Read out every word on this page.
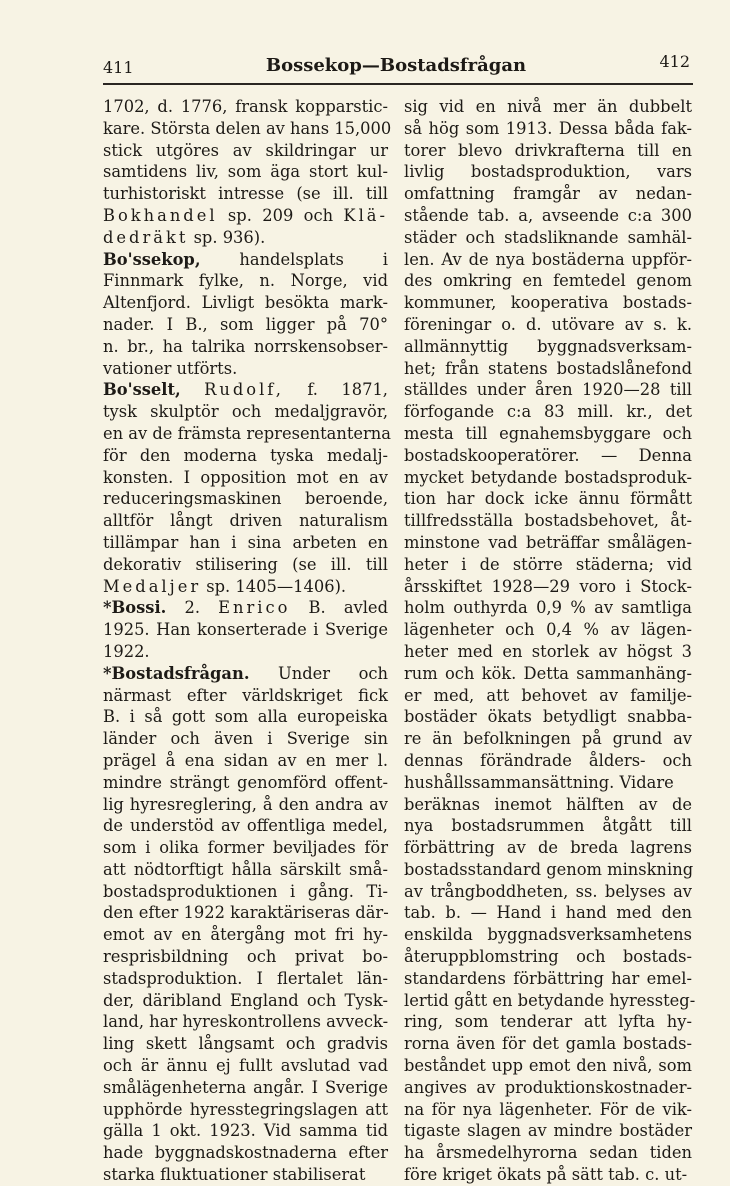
411	Bossekop—Bostadsfrågan	412
1702, d. 1776, fransk kopparstic-
kare. Största delen av hans 15,000
stick utgöres av skildringar ur
samtidens liv, som äga stort kul-
turhistoriskt intresse (se ill. till
Bokhandel sp. 209 och Klä-
dedräkt sp. 936).
Bo'ssekop, handelsplats i
Finnmark fylke, n. Norge, vid
Altenfjord. Livligt besökta mark-
nader. I B., som ligger på 70°
n. br., ha talrika norrskensobser-
vationer utförts.
Bo'sselt, Rudolf, f. 1871,
tysk skulptör och medaljgravör,
en av de främsta representanterna
för den moderna tyska medalj-
konsten. I opposition mot en av
reduceringsmaskinen beroende,
alltför långt driven naturalism
tillämpar han i sina arbeten en
dekorativ stilisering (se ill. till
Medaljer sp. 1405—1406).
*Bossi. 2. Enrico B. avled
1925. Han konserterade i Sverige
1922.
*Bostadsfrågan. Under och
närmast efter världskriget fick
B. i så gott som alla europeiska
länder och även i Sverige sin
prägel å ena sidan av en mer l.
mindre strängt genomförd offent-
lig hyresreglering, å den andra av
de understöd av offentliga medel,
som i olika former beviljades för
att nödtorftigt hålla särskilt små-
bostadsproduktionen i gång. Ti-
den efter 1922 karaktäriseras där-
emot av en återgång mot fri hy-
resprisbildning och privat bo-
stadsproduktion. I flertalet län-
der, däribland England och Tysk-
land, har hyreskontrollens avveck-
ling skett långsamt och gradvis
och är ännu ej fullt avslutad vad
smålägenheterna angår. I Sverige
upphörde hyresstegringslagen att
gälla 1 okt. 1923. Vid samma tid
hade byggnadskostnaderna efter
starka fluktuationer stabiliserat
sig vid en nivå mer än dubbelt
så hög som 1913. Dessa båda fak-
torer blevo drivkrafterna till en
livlig bostadsproduktion, vars
omfattning framgår av nedan-
stående tab. a, avseende c:a 300
städer och stadsliknande samhäl-
len. Av de nya bostäderna uppför-
des omkring en femtedel genom
kommuner, kooperativa bostads-
föreningar o. d. utövare av s. k.
allmännyttig byggnadsverksam-
het; från statens bostadslånefond
ställdes under åren 1920—28 till
förfogande c:a 83 mill. kr., det
mesta till egnahemsbyggare och
bostadskooperatörer. — Denna
mycket betydande bostadsproduk-
tion har dock icke ännu förmått
tillfredsställa bostadsbehovet, åt-
minstone vad beträffar smålägen-
heter i de större städerna; vid
årsskiftet 1928—29 voro i Stock-
holm outhyrda 0,9 % av samtliga
lägenheter och 0,4 % av lägen-
heter med en storlek av högst 3
rum och kök. Detta sammanhäng-
er med, att behovet av familje-
bostäder ökats betydligt snabba-
re än befolkningen på grund av
dennas förändrade ålders- och
hushållssammansättning. Vidare
beräknas inemot hälften av de
nya bostadsrummen åtgått till
förbättring av de breda lagrens
bostadsstandard genom minskning
av trångboddheten, ss. belyses av
tab. b. — Hand i hand med den
enskilda byggnadsverksamhetens
återuppblomstring och bostads-
standardens förbättring har emel-
lertid gått en betydande hyressteg-
ring, som tenderar att lyfta hy-
rorna även för det gamla bostads-
beståndet upp emot den nivå, som
angives av produktionskostnader-
na för nya lägenheter. För de vik-
tigaste slagen av mindre bostäder
ha årsmedelhyrorna sedan tiden
före kriget ökats på sätt tab. c. ut-
